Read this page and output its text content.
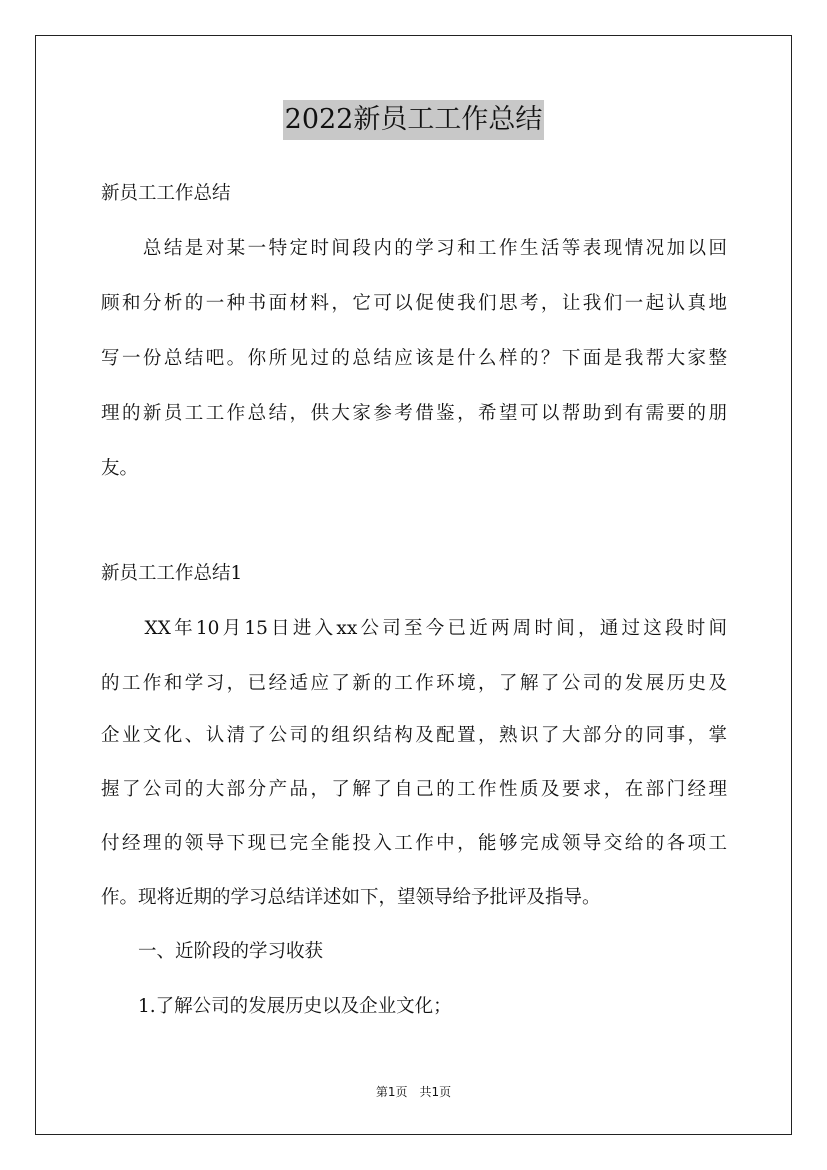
2022新员工工作总结
新员工工作总结
　　总结是对某一特定时间段内的学习和工作生活等表现情况加以回
顾和分析的一种书面材料，它可以促使我们思考，让我们一起认真地
写一份总结吧。你所见过的总结应该是什么样的？下面是我帮大家整
理的新员工工作总结，供大家参考借鉴，希望可以帮助到有需要的朋
友。
新员工工作总结1
　　XX年10月15日进入xx公司至今已近两周时间，通过这段时间
的工作和学习，已经适应了新的工作环境，了解了公司的发展历史及
企业文化、认清了公司的组织结构及配置，熟识了大部分的同事，掌
握了公司的大部分产品，了解了自己的工作性质及要求，在部门经理
付经理的领导下现已完全能投入工作中，能够完成领导交给的各项工
作。现将近期的学习总结详述如下，望领导给予批评及指导。
　　一、近阶段的学习收获
　　1.了解公司的发展历史以及企业文化；
第1页　共1页
